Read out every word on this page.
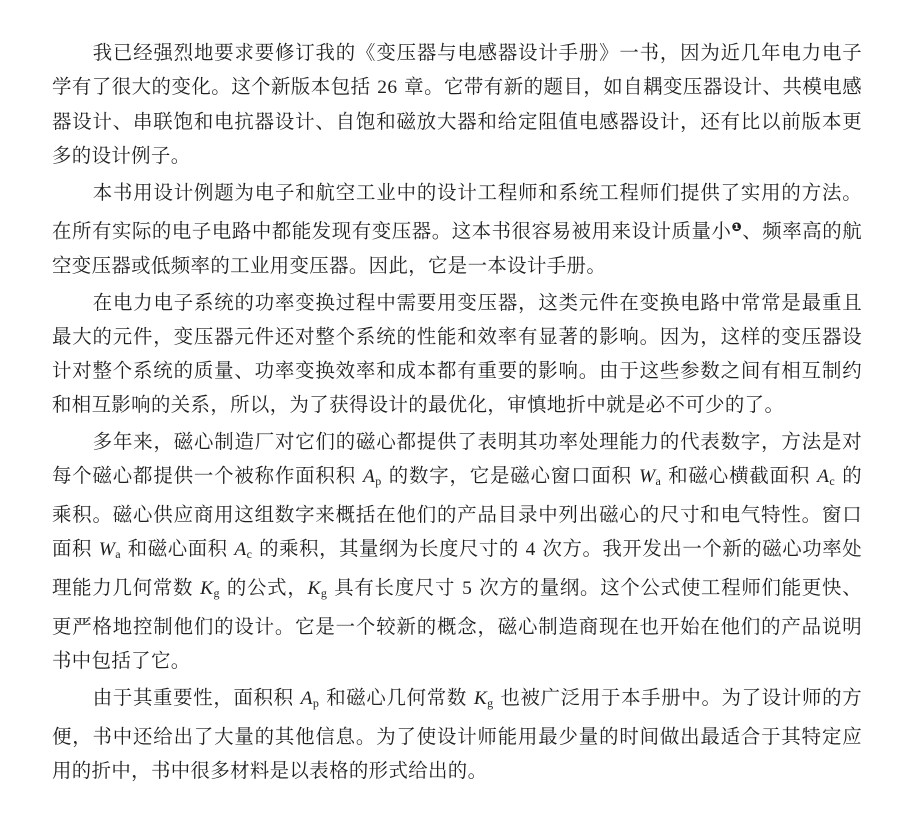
我已经强烈地要求要修订我的《变压器与电感器设计手册》一书，因为近几年电力电子学有了很大的变化。这个新版本包括 26 章。它带有新的题目，如自耦变压器设计、共模电感器设计、串联饱和电抗器设计、自饱和磁放大器和给定阻值电感器设计，还有比以前版本更多的设计例子。

本书用设计例题为电子和航空工业中的设计工程师和系统工程师们提供了实用的方法。在所有实际的电子电路中都能发现有变压器。这本书很容易被用来设计质量小$^❶$、频率高的航空变压器或低频率的工业用变压器。因此，它是一本设计手册。

在电力电子系统的功率变换过程中需要用变压器，这类元件在变换电路中常常是最重且最大的元件，变压器元件还对整个系统的性能和效率有显著的影响。因为，这样的变压器设计对整个系统的质量、功率变换效率和成本都有重要的影响。由于这些参数之间有相互制约和相互影响的关系，所以，为了获得设计的最优化，审慎地折中就是必不可少的了。

多年来，磁心制造厂对它们的磁心都提供了表明其功率处理能力的代表数字，方法是对每个磁心都提供一个被称作面积积 $A_p$ 的数字，它是磁心窗口面积 $W_a$ 和磁心横截面积 $A_c$ 的乘积。磁心供应商用这组数字来概括在他们的产品目录中列出磁心的尺寸和电气特性。窗口面积 $W_a$ 和磁心面积 $A_c$ 的乘积，其量纲为长度尺寸的 4 次方。我开发出一个新的磁心功率处理能力几何常数 $K_g$ 的公式，$K_g$ 具有长度尺寸 5 次方的量纲。这个公式使工程师们能更快、更严格地控制他们的设计。它是一个较新的概念，磁心制造商现在也开始在他们的产品说明书中包括了它。

由于其重要性，面积积 $A_p$ 和磁心几何常数 $K_g$ 也被广泛用于本手册中。为了设计师的方便，书中还给出了大量的其他信息。为了使设计师能用最少量的时间做出最适合于其特定应用的折中，书中很多材料是以表格的形式给出的。
